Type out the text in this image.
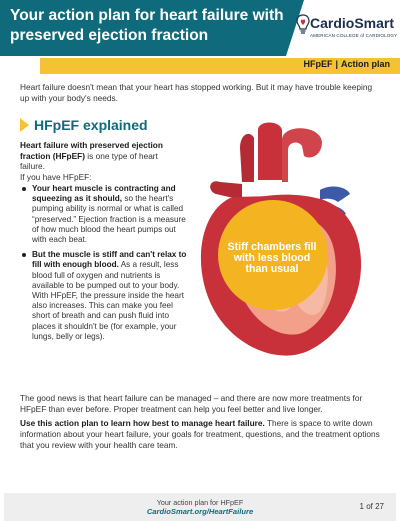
Your action plan for heart failure with preserved ejection fraction
CardioSmart
AMERICAN COLLEGE of CARDIOLOGY
HFpEF | Action plan

Heart failure doesn't mean that your heart has stopped working. But it may have trouble keeping up with your body's needs.

HFpEF explained

Heart failure with preserved ejection fraction (HFpEF) is one type of heart failure.
If you have HFpEF:

Your heart muscle is contracting and squeezing as it should, so the heart's pumping ability is normal or what is called “preserved.” Ejection fraction is a measure of how much blood the heart pumps out with each beat.
But the muscle is stiff and can't relax to fill with enough blood. As a result, less blood full of oxygen and nutrients is available to be pumped out to your body. With HFpEF, the pressure inside the heart also increases. This can make you feel short of breath and can push fluid into places it shouldn't be (for example, your lungs, belly or legs).
Stiff chambers fill with less blood than usual

The good news is that heart failure can be managed – and there are now more treatments for HFpEF than ever before. Proper treatment can help you feel better and live longer.

Use this action plan to learn how best to manage heart failure. There is space to write down information about your heart failure, your goals for treatment, questions, and the treatment options that you review with your health care team.

Your action plan for HFpEF
CardioSmart.org/HeartFailure
1 of 27
